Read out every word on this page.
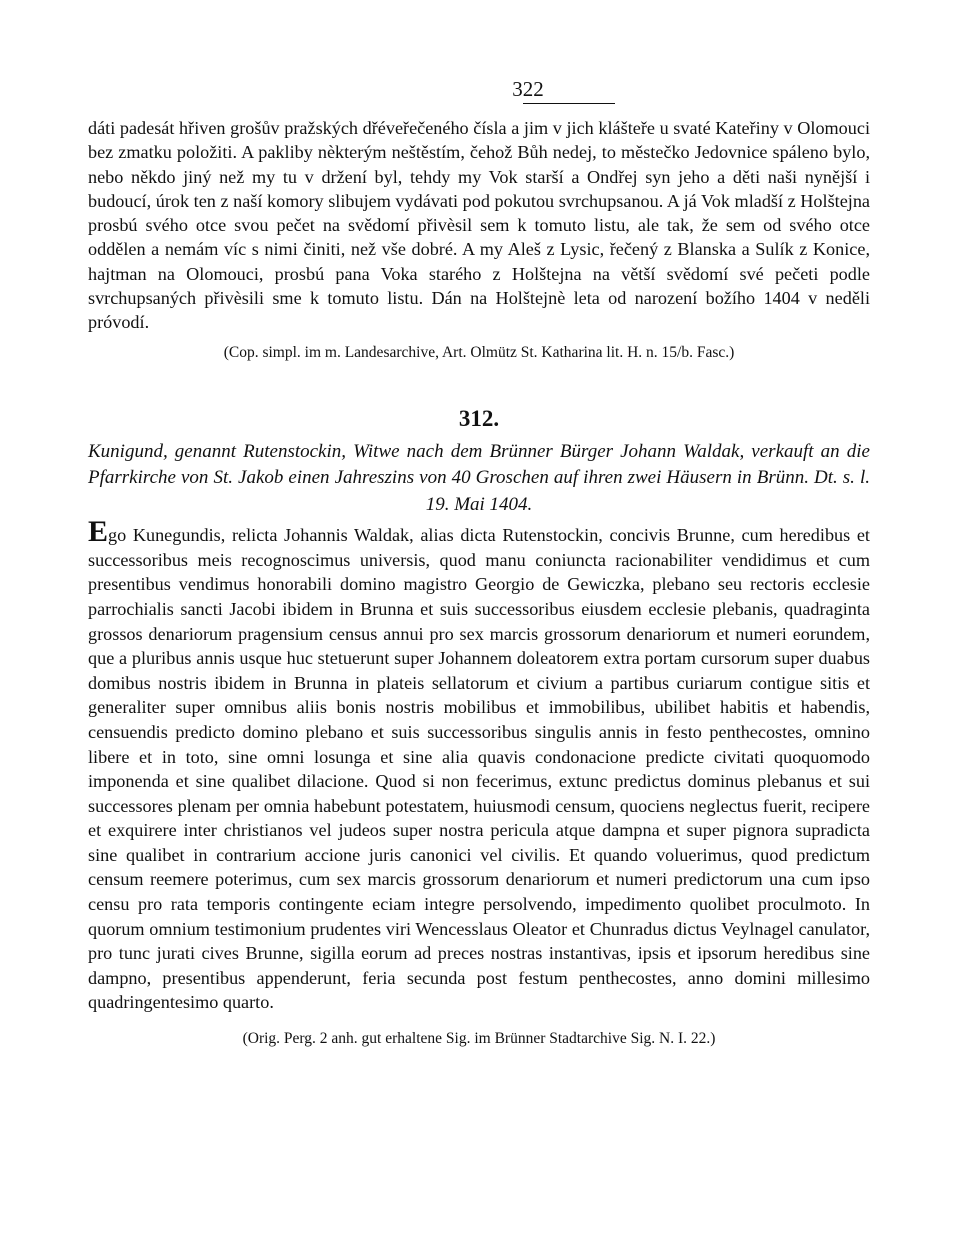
322

dáti padesát hřiven grošův pražských dřéveřečeného čísla a jim v jich klášteře u svaté Kateřiny v Olomouci bez zmatku položiti. A pakliby nèkterým neštěstím, čehož Bůh nedej, to městečko Jedovnice spáleno bylo, nebo někdo jiný než my tu v držení byl, tehdy my Vok starší a Ondřej syn jeho a děti naši nynější i budoucí, úrok ten z naší komory slibujem vydávati pod pokutou svrchupsanou. A já Vok mladší z Holštejna prosbú svého otce svou pečet na svědomí přivèsil sem k tomuto listu, ale tak, že sem od svého otce oddělen a nemám víc s nimi činiti, než vše dobré. A my Aleš z Lysic, řečený z Blanska a Sulík z Konice, hajtman na Olomouci, prosbú pana Voka starého z Holštejna na větší svědomí své pečeti podle svrchupsaných přivèsili sme k tomuto listu. Dán na Holštejnè leta od narození božího 1404 v neděli próvodí.

(Cop. simpl. im m. Landesarchive, Art. Olmütz St. Katharina lit. H. n. 15/b. Fasc.)

312.

Kunigund, genannt Rutenstockin, Witwe nach dem Brünner Bürger Johann Waldak, verkauft an die Pfarrkirche von St. Jakob einen Jahreszins von 40 Groschen auf ihren zwei Häusern in Brünn. Dt. s. l. 19. Mai 1404.

Ego Kunegundis, relicta Johannis Waldak, alias dicta Rutenstockin, concivis Brunne, cum heredibus et successoribus meis recognoscimus universis, quod manu coniuncta racionabiliter vendidimus et cum presentibus vendimus honorabili domino magistro Georgio de Gewiczka, plebano seu rectoris ecclesie parrochialis sancti Jacobi ibidem in Brunna et suis successoribus eiusdem ecclesie plebanis, quadraginta grossos denariorum pragensium census annui pro sex marcis grossorum denariorum et numeri eorundem, que a pluribus annis usque huc stetuerunt super Johannem doleatorem extra portam cursorum super duabus domibus nostris ibidem in Brunna in plateis sellatorum et civium a partibus curiarum contigue sitis et generaliter super omnibus aliis bonis nostris mobilibus et immobilibus, ubilibet habitis et habendis, censuendis predicto domino plebano et suis successoribus singulis annis in festo penthecostes, omnino libere et in toto, sine omni losunga et sine alia quavis condonacione predicte civitati quoquomodo imponenda et sine qualibet dilacione. Quod si non fecerimus, extunc predictus dominus plebanus et sui successores plenam per omnia habebunt potestatem, huiusmodi censum, quociens neglectus fuerit, recipere et exquirere inter christianos vel judeos super nostra pericula atque dampna et super pignora supradicta sine qualibet in contrarium accione juris canonici vel civilis. Et quando voluerimus, quod predictum censum reemere poterimus, cum sex marcis grossorum denariorum et numeri predictorum una cum ipso censu pro rata temporis contingente eciam integre persolvendo, impedimento quolibet proculmoto. In quorum omnium testimonium prudentes viri Wencesslaus Oleator et Chunradus dictus Veylnagel canulator, pro tunc jurati cives Brunne, sigilla eorum ad preces nostras instantivas, ipsis et ipsorum heredibus sine dampno, presentibus appenderunt, feria secunda post festum penthecostes, anno domini millesimo quadringentesimo quarto.

(Orig. Perg. 2 anh. gut erhaltene Sig. im Brünner Stadtarchive Sig. N. I. 22.)
